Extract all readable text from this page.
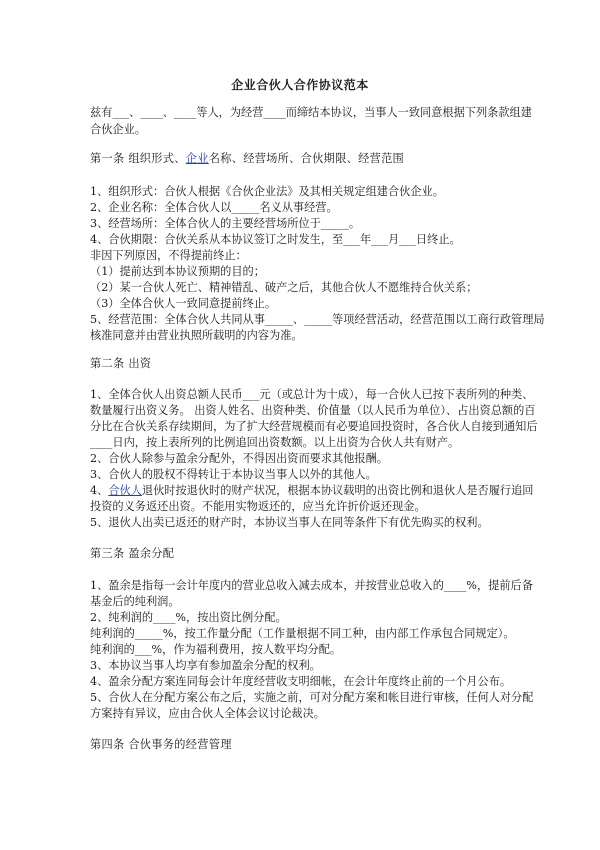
企业合伙人合作协议范本
兹有___、____、____等人，为经营____而缔结本协议，当事人一致同意根据下列条款组建
合伙企业。
第一条 组织形式、企业名称、经营场所、合伙期限、经营范围
1、组织形式：合伙人根据《合伙企业法》及其相关规定组建合伙企业。
2、企业名称：全体合伙人以_____名义从事经营。
3、经营场所：全体合伙人的主要经营场所位于_____。
4、合伙期限：合伙关系从本协议签订之时发生，至___年___月___日终止。
非因下列原因，不得提前终止：
（1）提前达到本协议预期的目的；
（2）某一合伙人死亡、精神错乱、破产之后，其他合伙人不愿维持合伙关系；
（3）全体合伙人一致同意提前终止。
5、经营范围：全体合伙人共同从事_____、_____等项经营活动，经营范围以工商行政管理局
核准同意并由营业执照所载明的内容为准。
第二条 出资
1、全体合伙人出资总额人民币___元（或总计为十成），每一合伙人已按下表所列的种类、
数量履行出资义务。 出资人姓名、出资种类、价值量（以人民币为单位）、占出资总额的百
分比在合伙关系存续期间，为了扩大经营规模而有必要追回投资时，各合伙人自接到通知后
____日内，按上表所列的比例追回出资数额。以上出资为合伙人共有财产。
2、合伙人除参与盈余分配外，不得因出资而要求其他报酬。
3、合伙人的股权不得转让于本协议当事人以外的其他人。
4、合伙人退伙时按退伙时的财产状况，根据本协议载明的出资比例和退伙人是否履行追回
投资的义务返还出资。不能用实物返还的，应当允许折价返还现金。
5、退伙人出卖已返还的财产时，本协议当事人在同等条件下有优先购买的权利。
第三条 盈余分配
1、盈余是指每一会计年度内的营业总收入减去成本，并按营业总收入的____%，提前后备
基金后的纯利润。
2、纯利润的____%，按出资比例分配。
纯利润的_____%，按工作量分配（工作量根据不同工种，由内部工作承包合同规定）。
纯利润的___%，作为福利费用，按人数平均分配。
3、本协议当事人均享有参加盈余分配的权利。
4、盈余分配方案连同每会计年度经营收支明细帐，在会计年度终止前的一个月公布。
5、合伙人在分配方案公布之后，实施之前，可对分配方案和帐目进行审核，任何人对分配
方案持有异议，应由合伙人全体会议讨论裁决。
第四条 合伙事务的经营管理
